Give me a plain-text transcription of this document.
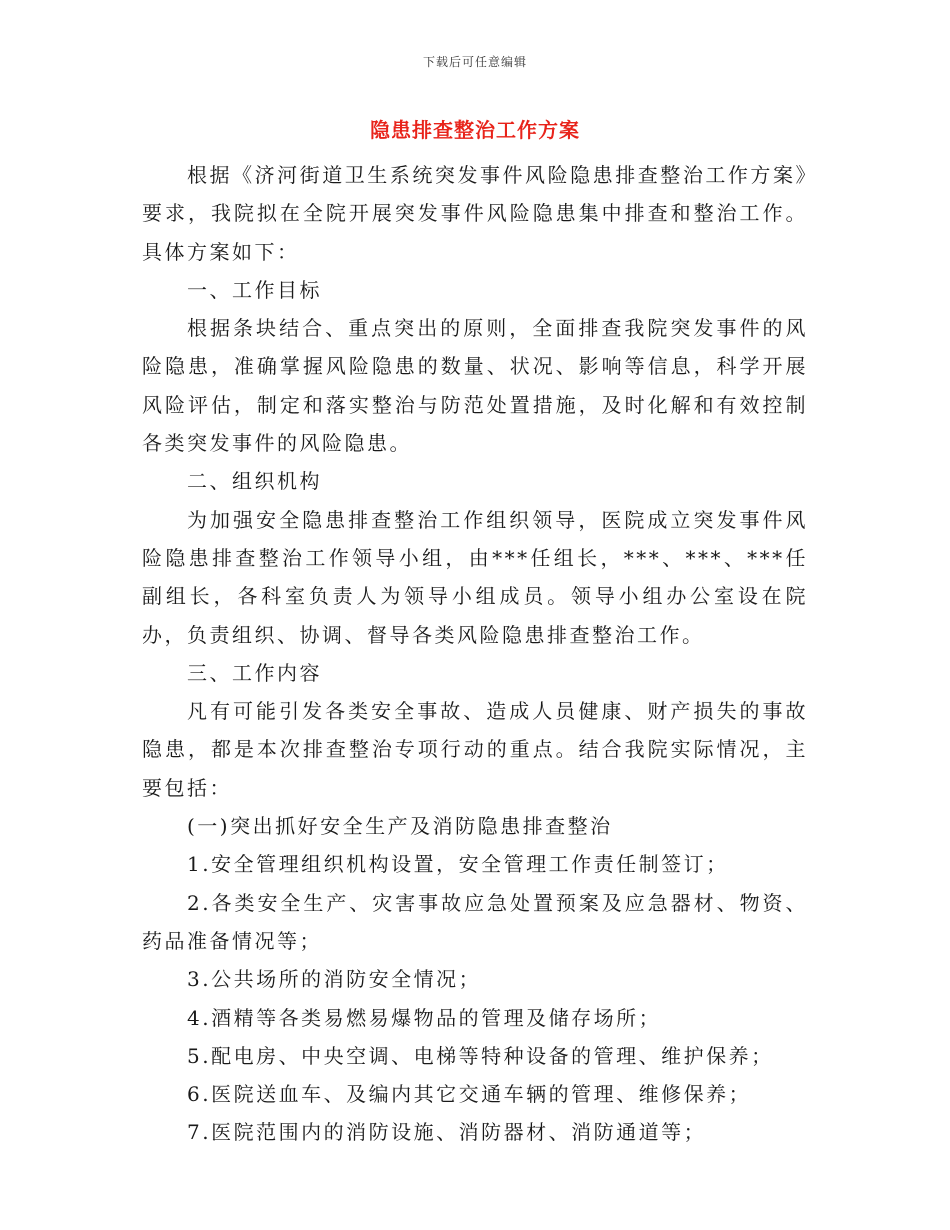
下载后可任意编辑
隐患排查整治工作方案

根据《济河街道卫生系统突发事件风险隐患排查整治工作方案》要求，我院拟在全院开展突发事件风险隐患集中排查和整治工作。具体方案如下：

一、工作目标

根据条块结合、重点突出的原则，全面排查我院突发事件的风险隐患，准确掌握风险隐患的数量、状况、影响等信息，科学开展风险评估，制定和落实整治与防范处置措施，及时化解和有效控制各类突发事件的风险隐患。

二、组织机构

为加强安全隐患排查整治工作组织领导，医院成立突发事件风险隐患排查整治工作领导小组，由***任组长，***、***、***任副组长，各科室负责人为领导小组成员。领导小组办公室设在院办，负责组织、协调、督导各类风险隐患排查整治工作。

三、工作内容

凡有可能引发各类安全事故、造成人员健康、财产损失的事故隐患，都是本次排查整治专项行动的重点。结合我院实际情况，主要包括：

(一)突出抓好安全生产及消防隐患排查整治

1.安全管理组织机构设置，安全管理工作责任制签订；

2.各类安全生产、灾害事故应急处置预案及应急器材、物资、药品准备情况等；

3.公共场所的消防安全情况；

4.酒精等各类易燃易爆物品的管理及储存场所；

5.配电房、中央空调、电梯等特种设备的管理、维护保养；

6.医院送血车、及编内其它交通车辆的管理、维修保养；

7.医院范围内的消防设施、消防器材、消防通道等；
